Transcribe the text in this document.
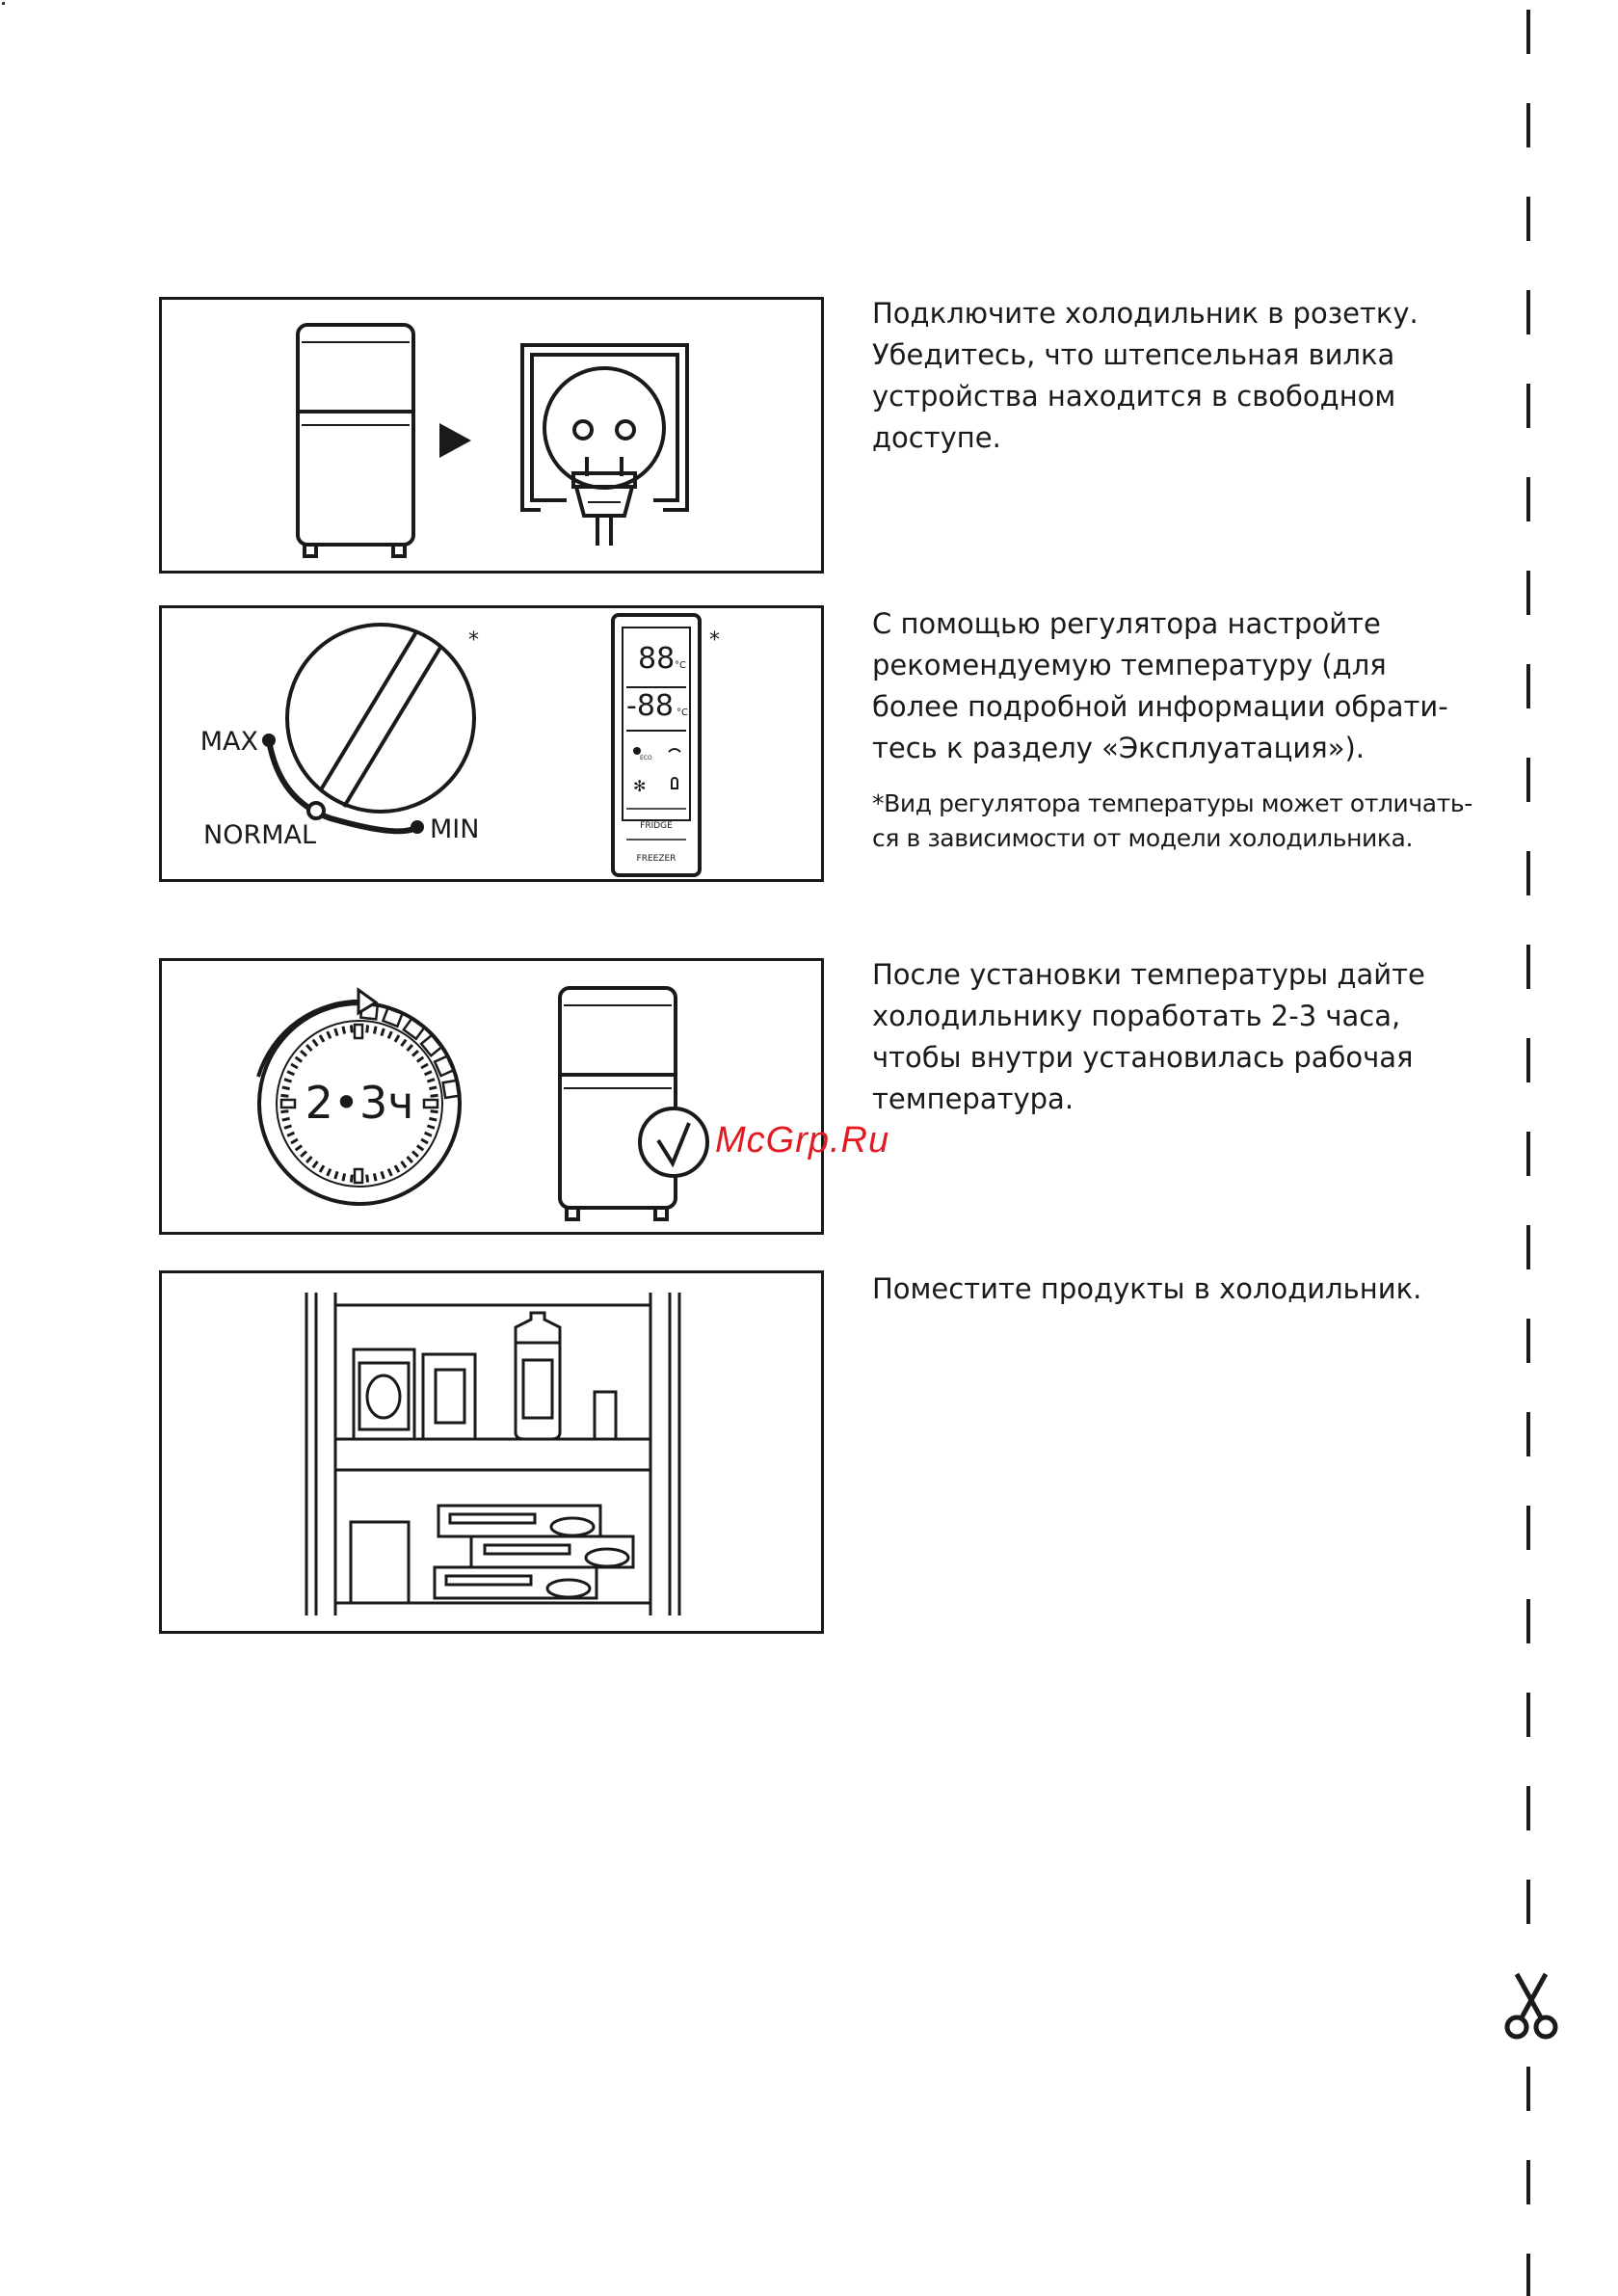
Подключите холодильник в розетку.

Убедитесь, что штепсельная вилка

устройства находится в свободном

доступе.

MAX
NORMAL	MIN
*
88 °C
-88 °C
ECO
✻
FRIDGE
FREEZER
*

С помощью регулятора настройте

рекомендуемую температуру (для

более подробной информации обрати-

тесь к разделу «Эксплуатация»).

*Вид регулятора температуры может отличать-

ся в зависимости от модели холодильника.

2•3ч

После установки температуры дайте

холодильнику поработать 2-3 часа,

чтобы внутри установилась рабочая

температура.

Поместите продукты в холодильник.

McGrp.Ru
